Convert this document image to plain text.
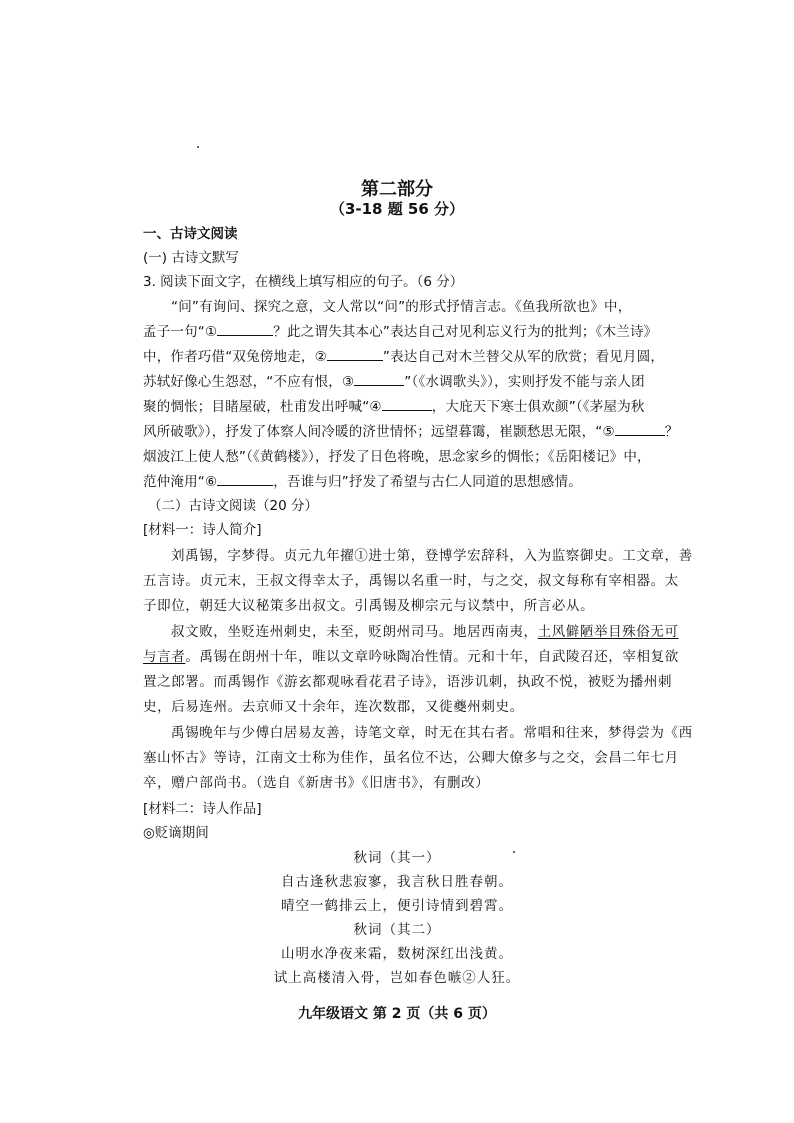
第二部分
（3-18 题 56 分）
一、古诗文阅读
(一) 古诗文默写
3. 阅读下面文字，在横线上填写相应的句子。（6 分）
“问”有询问、探究之意，文人常以“问”的形式抒情言志。《鱼我所欲也》中，
孟子一句“①	？此之谓失其本心”表达自己对见利忘义行为的批判；《木兰诗》
中，作者巧借“双兔傍地走，②	”表达自己对木兰替父从军的欣赏；看见月圆，
苏轼好像心生怨怼，“不应有恨，③	”（《水调歌头》），实则抒发不能与亲人团
聚的惆怅；目睹屋破，杜甫发出呼喊“④	，大庇天下寒士俱欢颜”（《茅屋为秋
风所破歌》），抒发了体察人间冷暖的济世情怀；远望暮霭，崔颢愁思无限，“⑤	？
烟波江上使人愁”（《黄鹤楼》），抒发了日色将晚，思念家乡的惆怅；《岳阳楼记》中，
范仲淹用“⑥	，吾谁与归”抒发了希望与古仁人同道的思想感情。
（二）古诗文阅读（20 分）
[材料一：诗人简介]
刘禹锡，字梦得。贞元九年擢①进士第，登博学宏辞科，入为监察御史。工文章，善
五言诗。贞元末，王叔文得幸太子，禹锡以名重一时，与之交，叔文每称有宰相器。太
子即位，朝廷大议秘策多出叔文。引禹锡及柳宗元与议禁中，所言必从。
叔文败，坐贬连州刺史，未至，贬朗州司马。地居西南夷，土风僻陋举目殊俗无可
与言者。禹锡在朗州十年，唯以文章吟咏陶冶性情。元和十年，自武陵召还，宰相复欲
置之郎署。而禹锡作《游玄都观咏看花君子诗》，语涉讥刺，执政不悦，被贬为播州刺
史，后易连州。去京师又十余年，连次数郡，又徙夔州刺史。
禹锡晚年与少傅白居易友善，诗笔文章，时无在其右者。常唱和往来，梦得尝为《西
塞山怀古》等诗，江南文士称为佳作，虽名位不达，公卿大僚多与之交，会昌二年七月
卒，赠户部尚书。（选自《新唐书》《旧唐书》，有删改）
[材料二：诗人作品]
◎贬谪期间
秋词（其一）
自古逢秋悲寂寥，我言秋日胜春朝。
晴空一鹤排云上，便引诗情到碧霄。
秋词（其二）
山明水净夜来霜，数树深红出浅黄。
试上高楼清入骨，岂如春色嗾②人狂。
九年级语文 第 2 页（共 6 页）
